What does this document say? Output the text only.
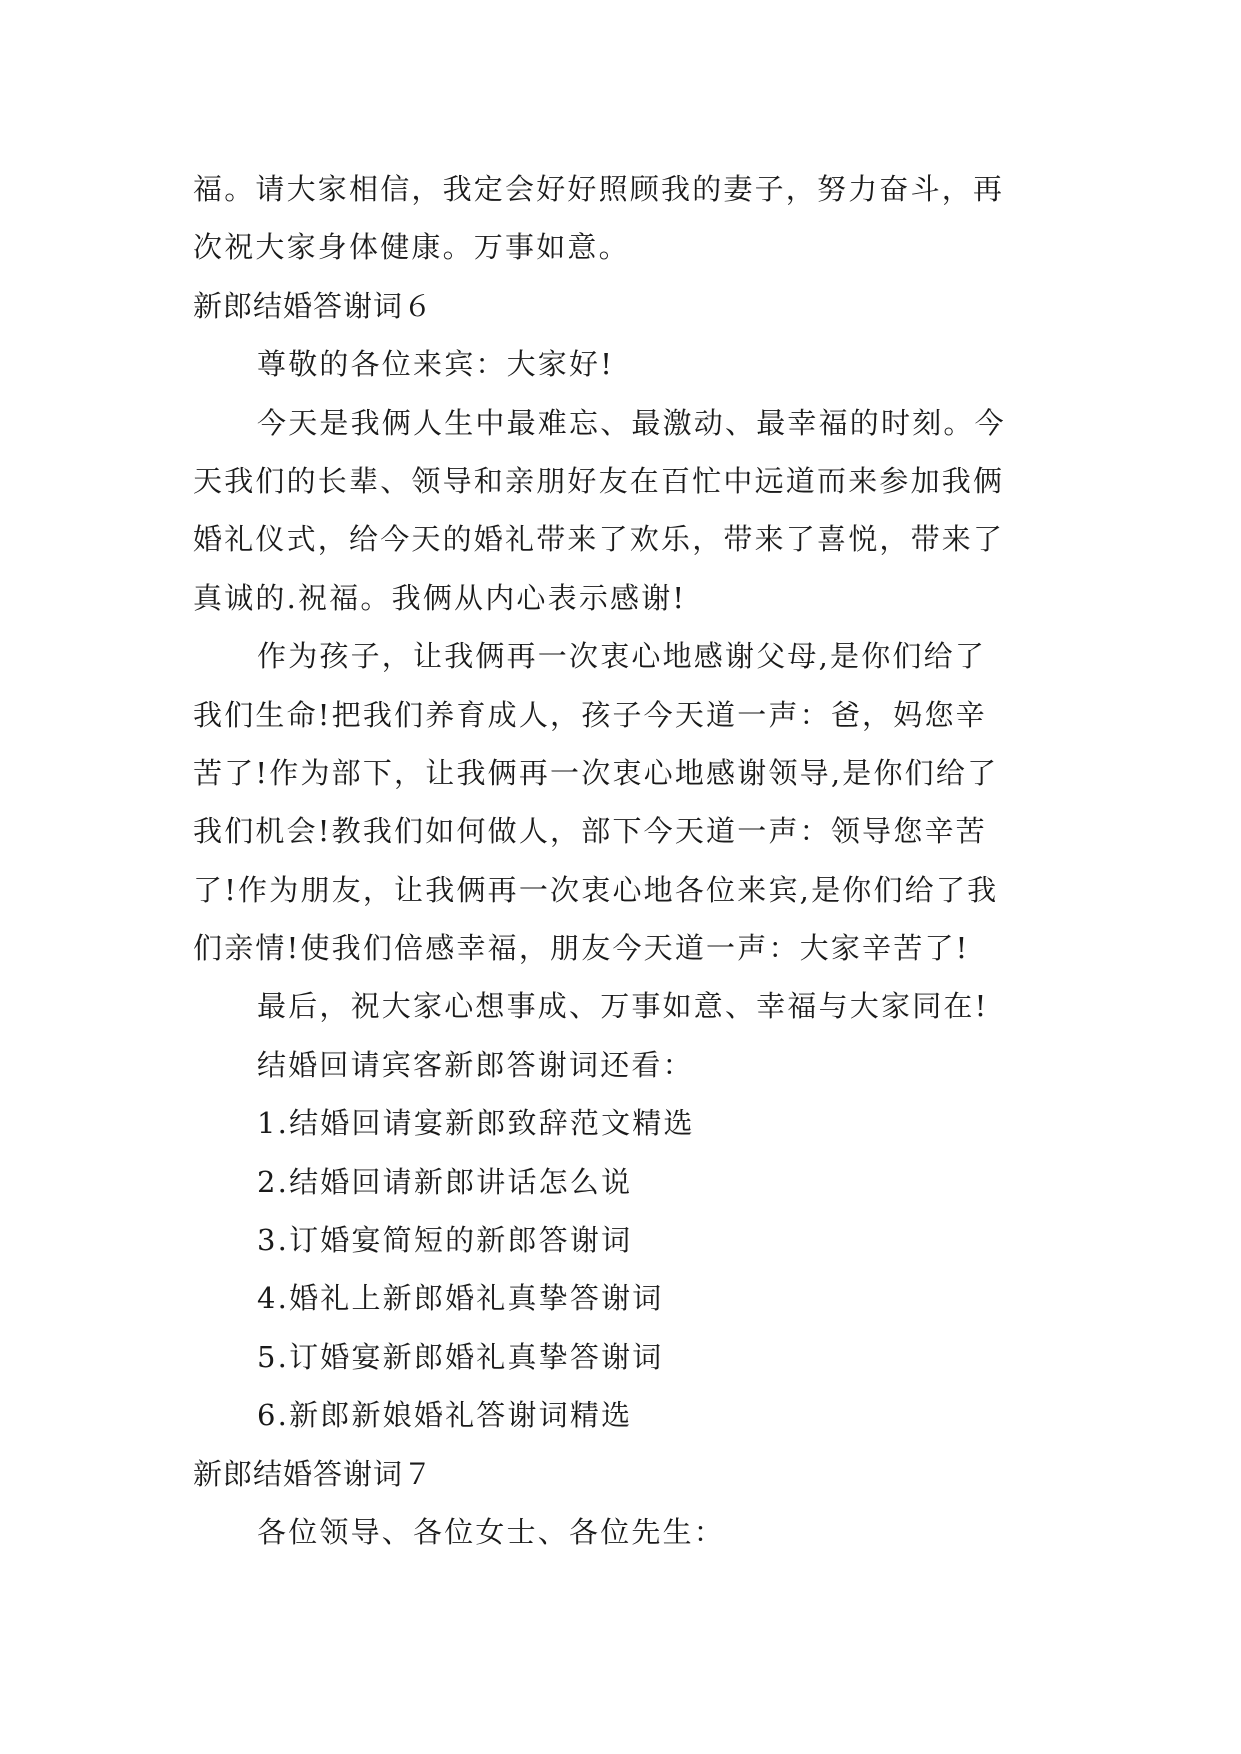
福。请大家相信，我定会好好照顾我的妻子，努力奋斗，再
次祝大家身体健康。万事如意。
新郎结婚答谢词６
尊敬的各位来宾：大家好!
今天是我俩人生中最难忘、最激动、最幸福的时刻。今
天我们的长辈、领导和亲朋好友在百忙中远道而来参加我俩
婚礼仪式，给今天的婚礼带来了欢乐，带来了喜悦，带来了
真诚的.祝福。我俩从内心表示感谢!
作为孩子，让我俩再一次衷心地感谢父母,是你们给了
我们生命!把我们养育成人，孩子今天道一声：爸，妈您辛
苦了!作为部下，让我俩再一次衷心地感谢领导,是你们给了
我们机会!教我们如何做人，部下今天道一声：领导您辛苦
了!作为朋友，让我俩再一次衷心地各位来宾,是你们给了我
们亲情!使我们倍感幸福，朋友今天道一声：大家辛苦了!
最后，祝大家心想事成、万事如意、幸福与大家同在!
结婚回请宾客新郎答谢词还看：
1.结婚回请宴新郎致辞范文精选
2.结婚回请新郎讲话怎么说
3.订婚宴简短的新郎答谢词
4.婚礼上新郎婚礼真挚答谢词
5.订婚宴新郎婚礼真挚答谢词
6.新郎新娘婚礼答谢词精选
新郎结婚答谢词７
各位领导、各位女士、各位先生：
